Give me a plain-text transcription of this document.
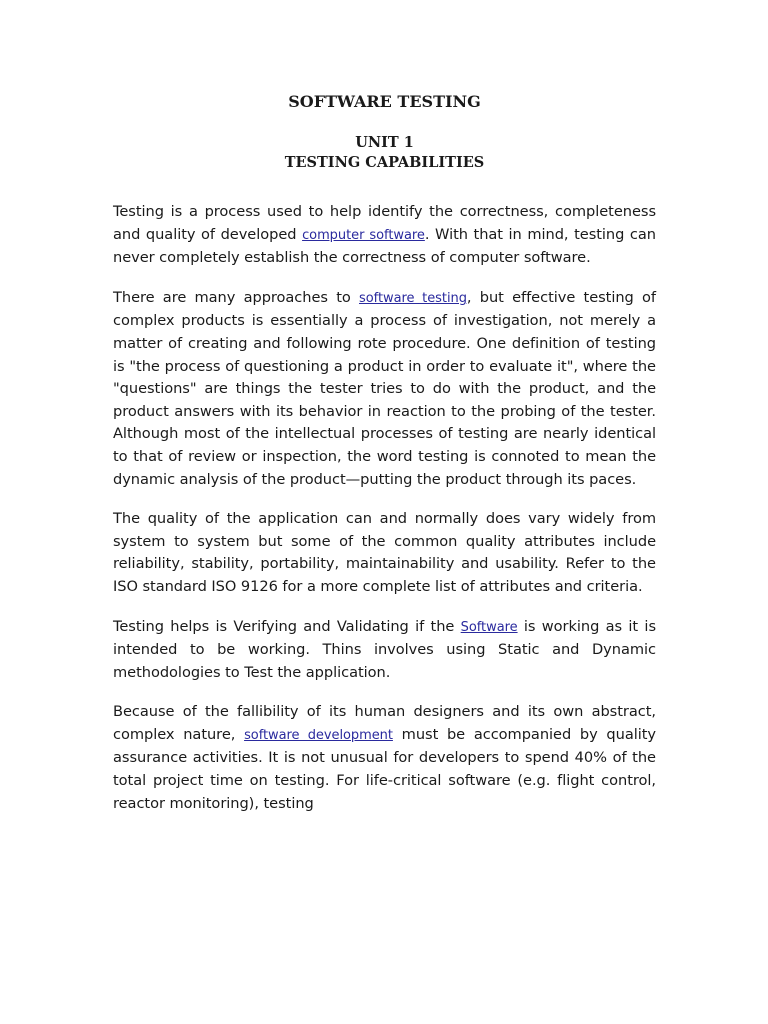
SOFTWARE TESTING
UNIT 1
TESTING CAPABILITIES

Testing is a process used to help identify the correctness, completeness and quality of developed computer software. With that in mind, testing can never completely establish the correctness of computer software.

There are many approaches to software testing, but effective testing of complex products is essentially a process of investigation, not merely a matter of creating and following rote procedure. One definition of testing is "the process of questioning a product in order to evaluate it", where the "questions" are things the tester tries to do with the product, and the product answers with its behavior in reaction to the probing of the tester. Although most of the intellectual processes of testing are nearly identical to that of review or inspection, the word testing is connoted to mean the dynamic analysis of the product—putting the product through its paces.

The quality of the application can and normally does vary widely from system to system but some of the common quality attributes include reliability, stability, portability, maintainability and usability. Refer to the ISO standard ISO 9126 for a more complete list of attributes and criteria.

Testing helps is Verifying and Validating if the Software is working as it is intended to be working. Thins involves using Static and Dynamic methodologies to Test the application.

Because of the fallibility of its human designers and its own abstract, complex nature, software development must be accompanied by quality assurance activities. It is not unusual for developers to spend 40% of the total project time on testing. For life-critical software (e.g. flight control, reactor monitoring), testing
